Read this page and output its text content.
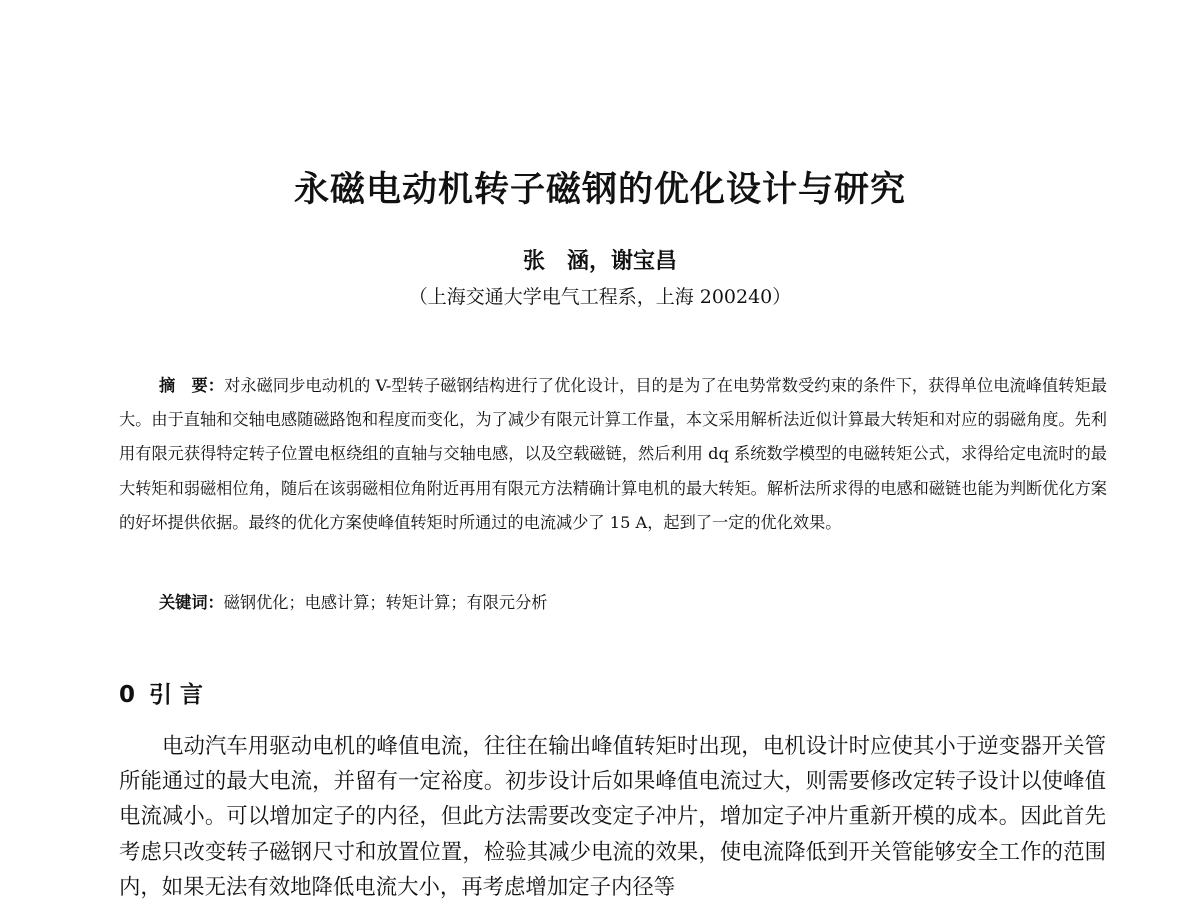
永磁电动机转子磁钢的优化设计与研究
张　涵，谢宝昌
（上海交通大学电气工程系，上海 200240）

摘　要：对永磁同步电动机的 V-型转子磁钢结构进行了优化设计，目的是为了在电势常数受约束的条件下，获得单位电流峰值转矩最大。由于直轴和交轴电感随磁路饱和程度而变化，为了减少有限元计算工作量，本文采用解析法近似计算最大转矩和对应的弱磁角度。先利用有限元获得特定转子位置电枢绕组的直轴与交轴电感，以及空载磁链，然后利用 dq 系统数学模型的电磁转矩公式，求得给定电流时的最大转矩和弱磁相位角，随后在该弱磁相位角附近再用有限元方法精确计算电机的最大转矩。解析法所求得的电感和磁链也能为判断优化方案的好坏提供依据。最终的优化方案使峰值转矩时所通过的电流减少了 15 A，起到了一定的优化效果。

关键词：磁钢优化；电感计算；转矩计算；有限元分析
0 引 言

电动汽车用驱动电机的峰值电流，往往在输出峰值转矩时出现，电机设计时应使其小于逆变器开关管所能通过的最大电流，并留有一定裕度。初步设计后如果峰值电流过大，则需要修改定转子设计以使峰值电流减小。可以增加定子的内径，但此方法需要改变定子冲片，增加定子冲片重新开模的成本。因此首先考虑只改变转子磁钢尺寸和放置位置，检验其减少电流的效果，使电流降低到开关管能够安全工作的范围内，如果无法有效地降低电流大小，再考虑增加定子内径等
